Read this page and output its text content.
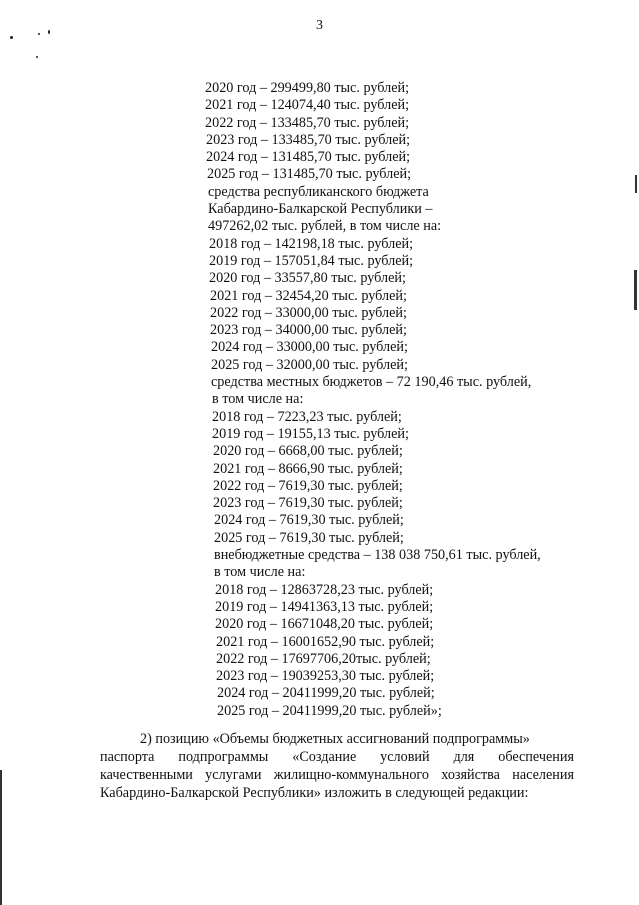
3
2020 год – 299499,80 тыс. рублей;
2021 год – 124074,40 тыс. рублей;
2022 год – 133485,70 тыс. рублей;
2023 год – 133485,70 тыс. рублей;
2024 год – 131485,70 тыс. рублей;
2025 год – 131485,70 тыс. рублей;
средства республиканского бюджета
Кабардино-Балкарской Республики –
497262,02 тыс. рублей, в том числе на:
2018 год – 142198,18 тыс. рублей;
2019 год – 157051,84 тыс. рублей;
2020 год – 33557,80 тыс. рублей;
2021 год – 32454,20 тыс. рублей;
2022 год – 33000,00 тыс. рублей;
2023 год – 34000,00 тыс. рублей;
2024 год – 33000,00 тыс. рублей;
2025 год – 32000,00 тыс. рублей;
средства местных бюджетов – 72 190,46 тыс. рублей,
в том числе на:
2018 год – 7223,23 тыс. рублей;
2019 год – 19155,13 тыс. рублей;
2020 год – 6668,00 тыс. рублей;
2021 год – 8666,90 тыс. рублей;
2022 год – 7619,30 тыс. рублей;
2023 год – 7619,30 тыс. рублей;
2024 год – 7619,30 тыс. рублей;
2025 год – 7619,30 тыс. рублей;
внебюджетные средства – 138 038 750,61 тыс. рублей,
в том числе на:
2018 год – 12863728,23 тыс. рублей;
2019 год – 14941363,13 тыс. рублей;
2020 год – 16671048,20 тыс. рублей;
2021 год – 16001652,90 тыс. рублей;
2022 год – 17697706,20тыс. рублей;
2023 год – 19039253,30 тыс. рублей;
2024 год – 20411999,20 тыс. рублей;
2025 год – 20411999,20 тыс. рублей»;
2) позицию «Объемы бюджетных ассигнований подпрограммы»
паспорта подпрограммы «Создание условий для обеспечения
качественными услугами жилищно-коммунального хозяйства населения
Кабардино-Балкарской Республики» изложить в следующей редакции:
